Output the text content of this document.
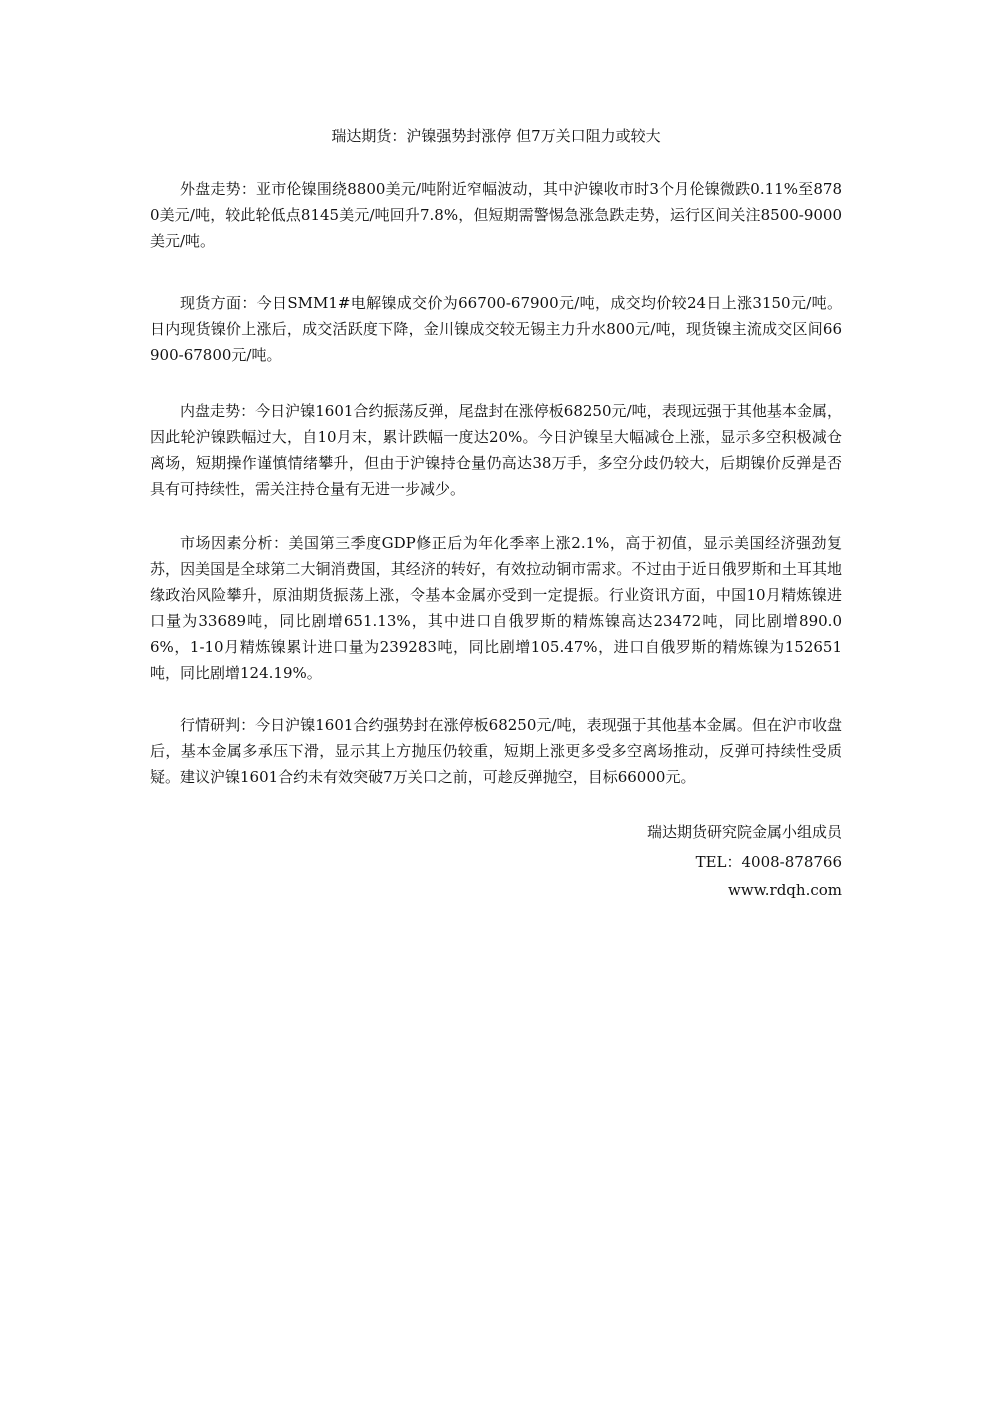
瑞达期货：沪镍强势封涨停 但7万关口阻力或较大

外盘走势：亚市伦镍围绕8800美元/吨附近窄幅波动，其中沪镍收市时3个月伦镍微跌0.11%至8780美元/吨，较此轮低点8145美元/吨回升7.8%，但短期需警惕急涨急跌走势，运行区间关注8500-9000美元/吨。

现货方面：今日SMM1#电解镍成交价为66700-67900元/吨，成交均价较24日上涨3150元/吨。日内现货镍价上涨后，成交活跃度下降，金川镍成交较无锡主力升水800元/吨，现货镍主流成交区间66900-67800元/吨。

内盘走势：今日沪镍1601合约振荡反弹，尾盘封在涨停板68250元/吨，表现远强于其他基本金属，因此轮沪镍跌幅过大，自10月末，累计跌幅一度达20%。今日沪镍呈大幅减仓上涨，显示多空积极减仓离场，短期操作谨慎情绪攀升，但由于沪镍持仓量仍高达38万手，多空分歧仍较大，后期镍价反弹是否具有可持续性，需关注持仓量有无进一步减少。

市场因素分析：美国第三季度GDP修正后为年化季率上涨2.1%，高于初值，显示美国经济强劲复苏，因美国是全球第二大铜消费国，其经济的转好，有效拉动铜市需求。不过由于近日俄罗斯和土耳其地缘政治风险攀升，原油期货振荡上涨，令基本金属亦受到一定提振。行业资讯方面，中国10月精炼镍进口量为33689吨，同比剧增651.13%，其中进口自俄罗斯的精炼镍高达23472吨，同比剧增890.06%，1-10月精炼镍累计进口量为239283吨，同比剧增105.47%，进口自俄罗斯的精炼镍为152651吨，同比剧增124.19%。

行情研判：今日沪镍1601合约强势封在涨停板68250元/吨，表现强于其他基本金属。但在沪市收盘后，基本金属多承压下滑，显示其上方抛压仍较重，短期上涨更多受多空离场推动，反弹可持续性受质疑。建议沪镍1601合约未有效突破7万关口之前，可趁反弹抛空，目标66000元。

瑞达期货研究院金属小组成员
TEL：4008-878766
www.rdqh.com
